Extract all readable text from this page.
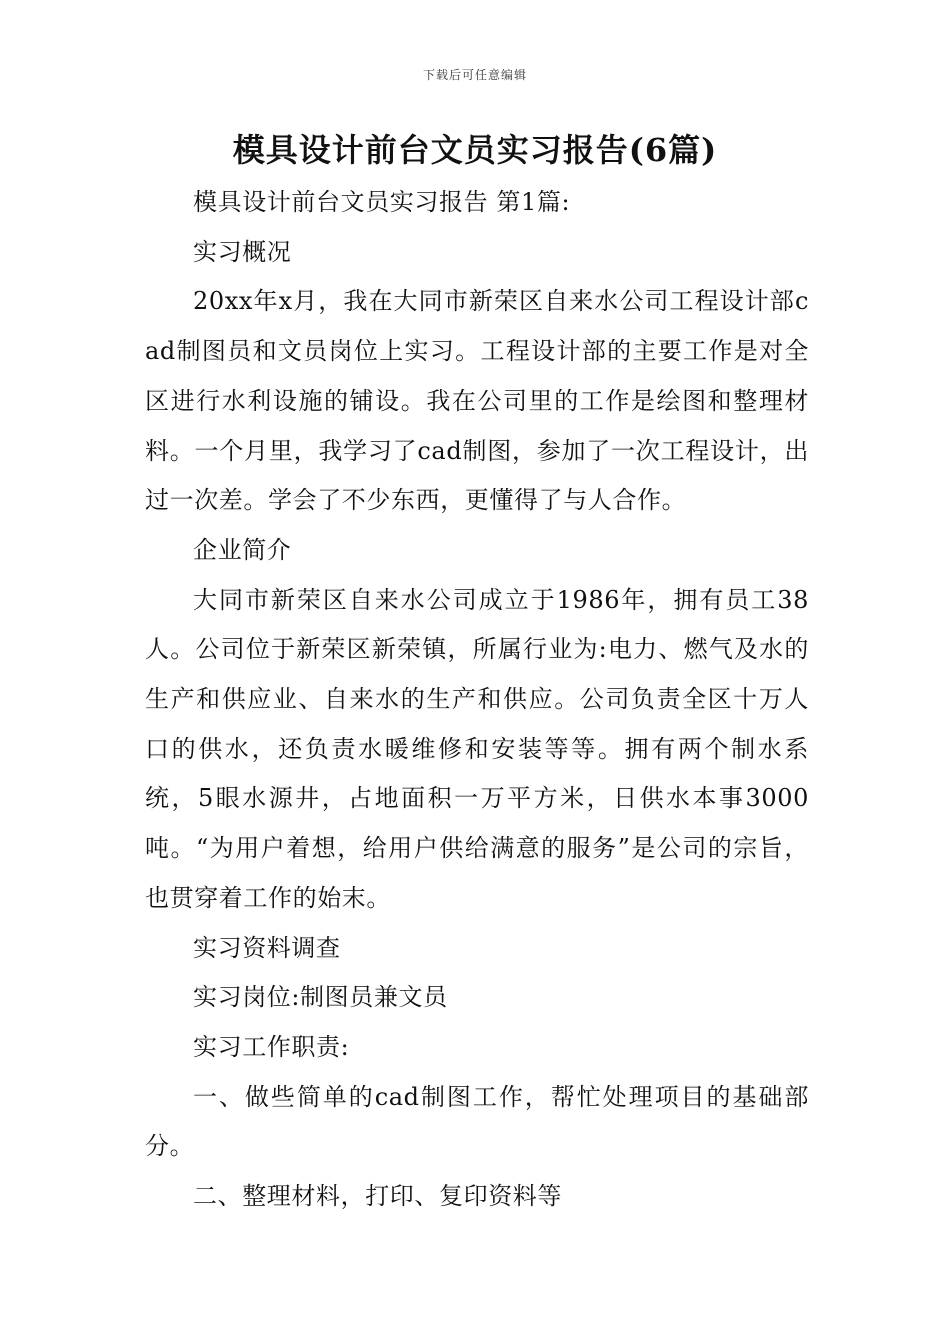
下载后可任意编辑
模具设计前台文员实习报告(6篇)

模具设计前台文员实习报告 第1篇:

实习概况

20xx年x月，我在大同市新荣区自来水公司工程设计部cad制图员和文员岗位上实习。工程设计部的主要工作是对全区进行水利设施的铺设。我在公司里的工作是绘图和整理材料。一个月里，我学习了cad制图，参加了一次工程设计，出过一次差。学会了不少东西，更懂得了与人合作。

企业简介

大同市新荣区自来水公司成立于1986年，拥有员工38人。公司位于新荣区新荣镇，所属行业为:电力、燃气及水的生产和供应业、自来水的生产和供应。公司负责全区十万人口的供水，还负责水暖维修和安装等等。拥有两个制水系统，5眼水源井，占地面积一万平方米，日供水本事3000吨。“为用户着想，给用户供给满意的服务”是公司的宗旨，也贯穿着工作的始末。

实习资料调查

实习岗位:制图员兼文员

实习工作职责:

一、做些简单的cad制图工作，帮忙处理项目的基础部分。

二、整理材料，打印、复印资料等
